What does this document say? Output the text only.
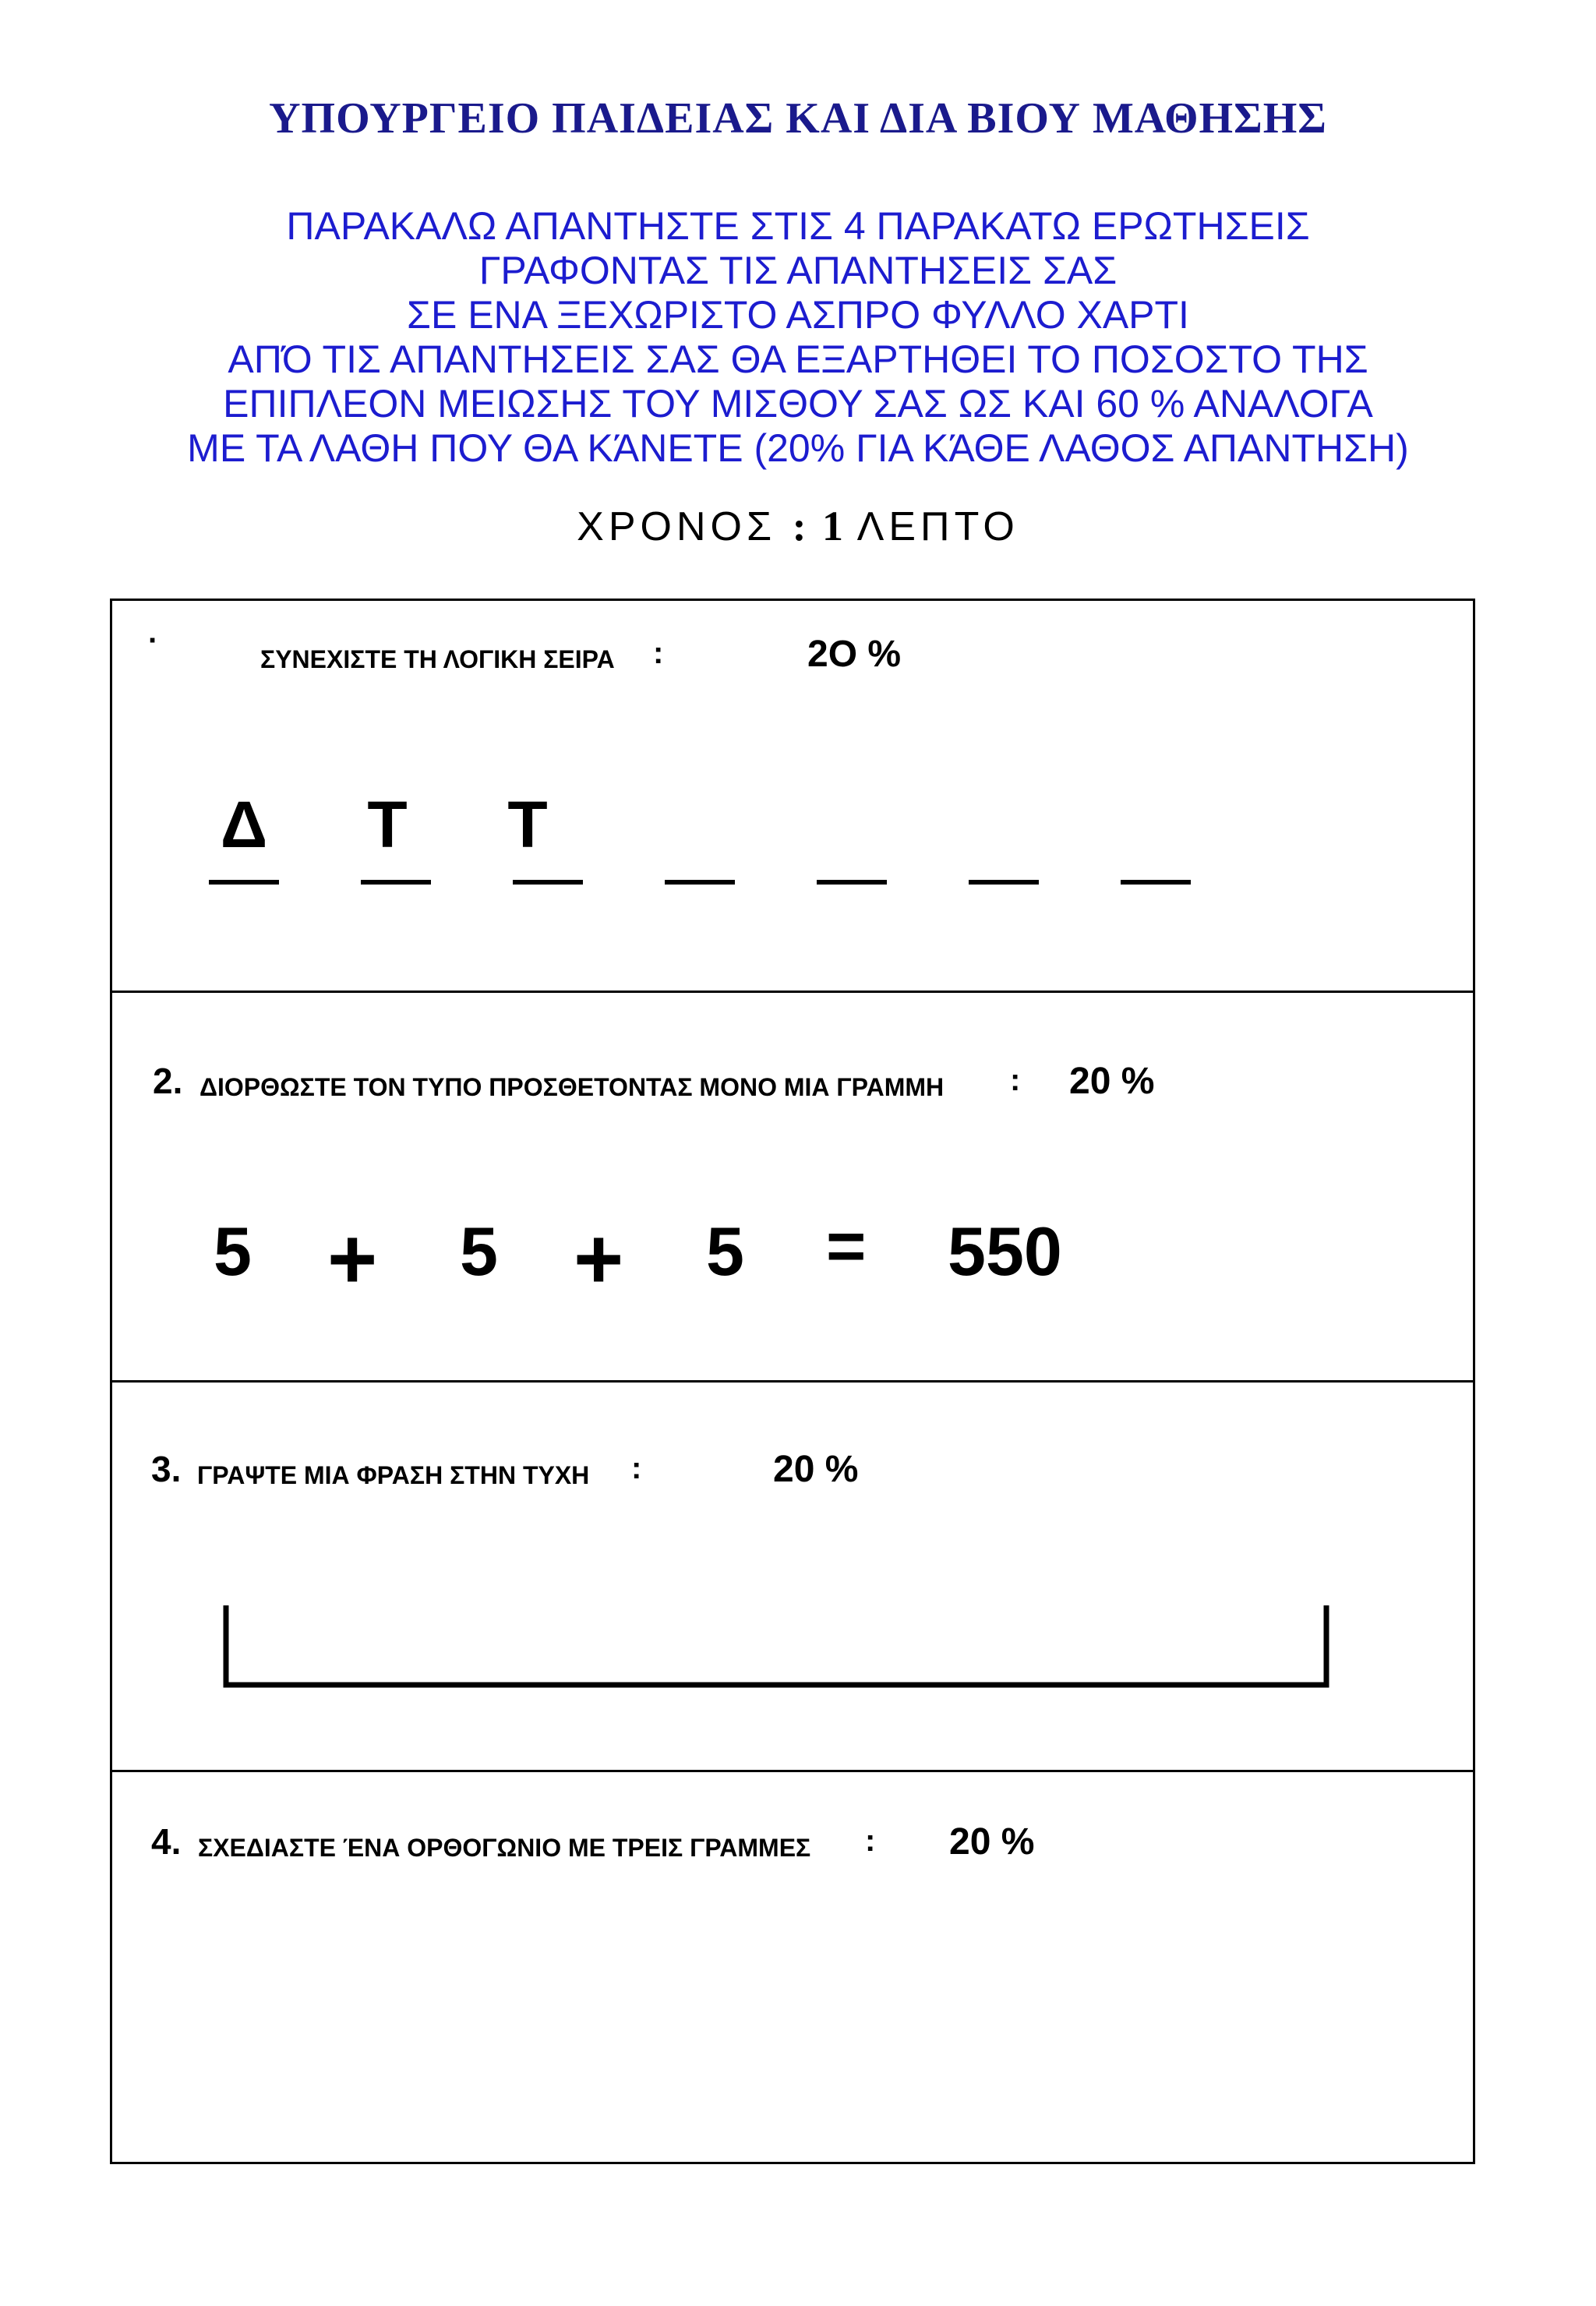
ΥΠΟΥΡΓΕΙΟ ΠΑΙΔΕΙΑΣ ΚΑΙ ΔΙΑ ΒΙΟΥ ΜΑΘΗΣΗΣ
ΠΑΡΑΚΑΛΩ ΑΠΑΝΤΗΣΤΕ ΣΤΙΣ 4 ΠΑΡΑΚΑΤΩ ΕΡΩΤΗΣΕΙΣ
ΓΡΑΦΟΝΤΑΣ ΤΙΣ ΑΠΑΝΤΗΣΕΙΣ ΣΑΣ
ΣΕ ΕΝΑ ΞΕΧΩΡΙΣΤΟ ΑΣΠΡΟ ΦΥΛΛΟ ΧΑΡΤΙ
ΑΠΌ ΤΙΣ ΑΠΑΝΤΗΣΕΙΣ ΣΑΣ ΘΑ ΕΞΑΡΤΗΘΕΙ ΤΟ ΠΟΣΟΣΤΟ ΤΗΣ
ΕΠΙΠΛΕΟΝ ΜΕΙΩΣΗΣ ΤΟΥ ΜΙΣΘΟΥ ΣΑΣ ΩΣ ΚΑΙ 60 % ΑΝΑΛΟΓΑ
ΜΕ ΤΑ ΛΑΘΗ ΠΟΥ ΘΑ ΚΆΝΕΤΕ (20% ΓΙΑ ΚΆΘΕ ΛΑΘΟΣ ΑΠΑΝΤΗΣΗ)
ΧΡΟΝΟΣ : 1 ΛΕΠΤΟ
·
ΣΥΝΕΧΙΣΤΕ ΤΗ ΛΟΓΙΚΗ ΣΕΙΡΑ :	2Ο %
Δ Τ Τ
2. ΔΙΟΡΘΩΣΤΕ ΤΟΝ ΤΥΠΟ ΠΡΟΣΘΕΤΟΝΤΑΣ ΜΟΝΟ ΜΙΑ ΓΡΑΜΜΗ : 20 %
5 + 5 + 5 = 550
3. ΓΡΑΨΤΕ ΜΙΑ ΦΡΑΣΗ ΣΤΗΝ ΤΥΧΗ :	20 %
4. ΣΧΕΔΙΑΣΤΕ ΈΝΑ ΟΡΘΟΓΩΝΙΟ ΜΕ ΤΡΕΙΣ ΓΡΑΜΜΕΣ : 20 %
